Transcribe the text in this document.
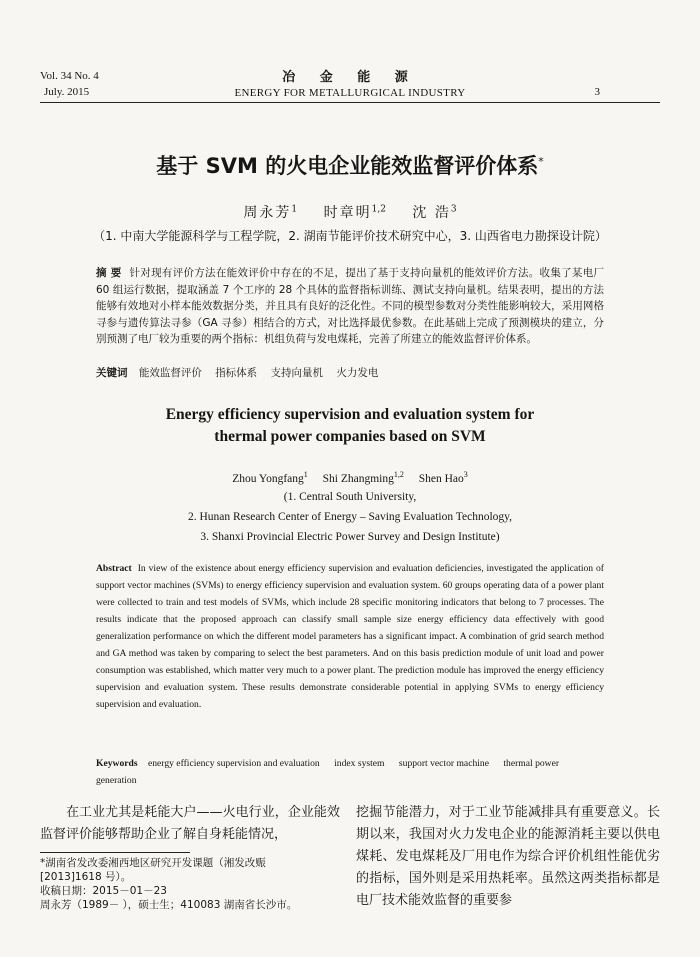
Vol. 34 No. 4
July. 2015
冶 金 能 源
ENERGY FOR METALLURGICAL INDUSTRY	3
基于 SVM 的火电企业能效监督评价体系*
周永芳$^1$ 时章明$^{1,2}$ 沈 浩$^3$
（1. 中南大学能源科学与工程学院，2. 湖南节能评价技术研究中心，3. 山西省电力勘探设计院）
摘 要 针对现有评价方法在能效评价中存在的不足，提出了基于支持向量机的能效评价方法。收集了某电厂 60 组运行数据，提取涵盖 7 个工序的 28 个具体的监督指标训练、测试支持向量机。结果表明，提出的方法能够有效地对小样本能效数据分类，并且具有良好的泛化性。不同的模型参数对分类性能影响较大，采用网格寻参与遗传算法寻参（GA 寻参）相结合的方式，对比选择最优参数。在此基础上完成了预测模块的建立，分别预测了电厂较为重要的两个指标：机组负荷与发电煤耗，完善了所建立的能效监督评价体系。
关键词 能效监督评价 指标体系 支持向量机 火力发电
Energy efficiency supervision and evaluation system for
thermal power companies based on SVM
Zhou Yongfang$^1$ Shi Zhangming$^{1,2}$ Shen Hao$^3$
(1. Central South University,
2. Hunan Research Center of Energy – Saving Evaluation Technology,
3. Shanxi Provincial Electric Power Survey and Design Institute)
Abstract In view of the existence about energy efficiency supervision and evaluation deficiencies, investigated the application of support vector machines (SVMs) to energy efficiency supervision and evaluation system. 60 groups operating data of a power plant were collected to train and test models of SVMs, which include 28 specific monitoring indicators that belong to 7 processes. The results indicate that the proposed approach can classify small sample size energy efficiency data effectively with good generalization performance on which the different model parameters has a significant impact. A combination of grid search method and GA method was taken by comparing to select the best parameters. And on this basis prediction module of unit load and power consumption was established, which matter very much to a power plant. The prediction module has improved the energy efficiency supervision and evaluation system. These results demonstrate considerable potential in applying SVMs to energy efficiency supervision and evaluation.
Keywords energy efficiency supervision and evaluation index system support vector machine thermal power generation
在工业尤其是耗能大户——火电行业，企业能效监督评价能够帮助企业了解自身耗能情况，
*湖南省发改委湘西地区研究开发课题（湘发改赈
[2013]1618 号）。
收稿日期：2015－01－23
周永芳（1989－ ），硕士生；410083 湖南省长沙市。
挖掘节能潜力，对于工业节能减排具有重要意义。长期以来，我国对火力发电企业的能源消耗主要以供电煤耗、发电煤耗及厂用电作为综合评价机组性能优劣的指标，国外则是采用热耗率。虽然这两类指标都是电厂技术能效监督的重要参
